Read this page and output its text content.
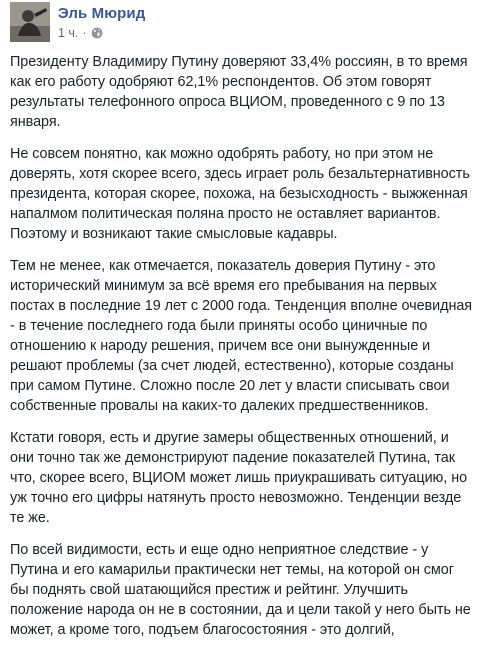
Эль Мюрид
1 ч. ·
Президенту Владимиру Путину доверяют 33,4% россиян, в то время
как его работу одобряют 62,1% респондентов. Об этом говорят
результаты телефонного опроса ВЦИОМ, проведенного с 9 по 13
января.
Не совсем понятно, как можно одобрять работу, но при этом не
доверять, хотя скорее всего, здесь играет роль безальтернативность
президента, которая скорее, похожа, на безысходность - выжженная
напалмом политическая поляна просто не оставляет вариантов.
Поэтому и возникают такие смысловые кадавры.
Тем не менее, как отмечается, показатель доверия Путину - это
исторический минимум за всё время его пребывания на первых
постах в последние 19 лет с 2000 года. Тенденция вполне очевидная
- в течение последнего года были приняты особо циничные по
отношению к народу решения, причем все они вынужденные и
решают проблемы (за счет людей, естественно), которые созданы
при самом Путине. Сложно после 20 лет у власти списывать свои
собственные провалы на каких-то далеких предшественников.
Кстати говоря, есть и другие замеры общественных отношений, и
они точно так же демонстрируют падение показателей Путина, так
что, скорее всего, ВЦИОМ может лишь приукрашивать ситуацию, но
уж точно его цифры натянуть просто невозможно. Тенденции везде
те же.
По всей видимости, есть и еще одно неприятное следствие - у
Путина и его камарильи практически нет темы, на которой он смог
бы поднять свой шатающийся престиж и рейтинг. Улучшить
положение народа он не в состоянии, да и цели такой у него быть не
может, а кроме того, подъем благосостояния - это долгий,
